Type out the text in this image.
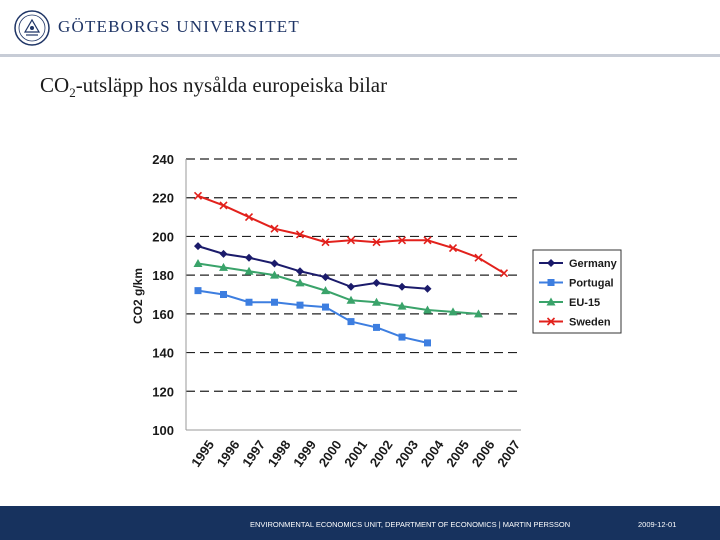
GÖTEBORGS UNIVERSITET
$CO_2$-utsläpp hos nysålda europeiska bilar
100
120
140
160
180
200
220
240
CO2 g/km
1995
1996
1997
1998
1999
2000
2001
2002
2003
2004
2005
2006
2007
Germany
Portugal
EU-15
Sweden
ENVIRONMENTAL ECONOMICS UNIT, DEPARTMENT OF ECONOMICS | MARTIN PERSSON	2009-12-01
